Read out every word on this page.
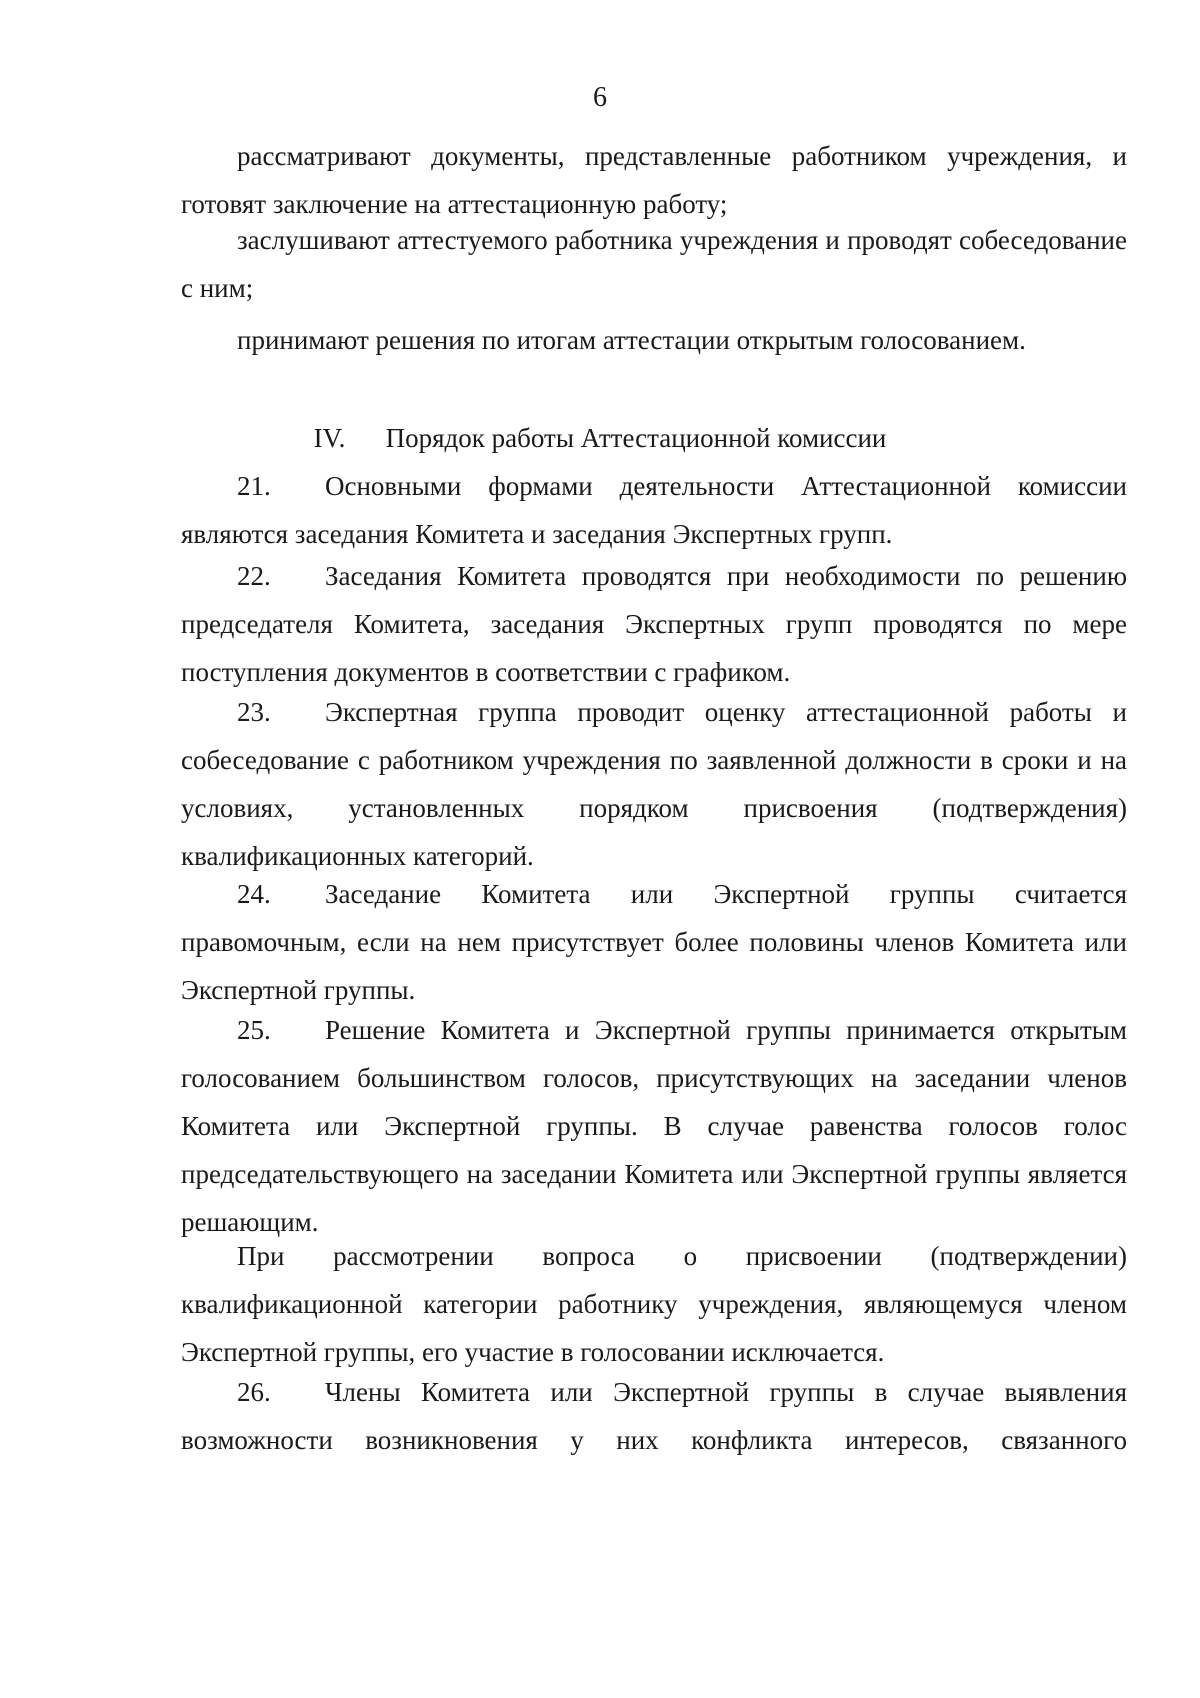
6

рассматривают документы, представленные работником учреждения, и готовят заключение на аттестационную работу;

заслушивают аттестуемого работника учреждения и проводят собеседование с ним;

принимают решения по итогам аттестации открытым голосованием.

IV. Порядок работы Аттестационной комиссии

21. Основными формами деятельности Аттестационной комиссии являются заседания Комитета и заседания Экспертных групп.

22. Заседания Комитета проводятся при необходимости по решению председателя Комитета, заседания Экспертных групп проводятся по мере поступления документов в соответствии с графиком.

23. Экспертная группа проводит оценку аттестационной работы и собеседование с работником учреждения по заявленной должности в сроки и на условиях, установленных порядком присвоения (подтверждения) квалификационных категорий.

24. Заседание Комитета или Экспертной группы считается правомочным, если на нем присутствует более половины членов Комитета или Экспертной группы.

25. Решение Комитета и Экспертной группы принимается открытым голосованием большинством голосов, присутствующих на заседании членов Комитета или Экспертной группы. В случае равенства голосов голос председательствующего на заседании Комитета или Экспертной группы является решающим.

При рассмотрении вопроса о присвоении (подтверждении) квалификационной категории работнику учреждения, являющемуся членом Экспертной группы, его участие в голосовании исключается.

26. Члены Комитета или Экспертной группы в случае выявления возможности возникновения у них конфликта интересов, связанного
